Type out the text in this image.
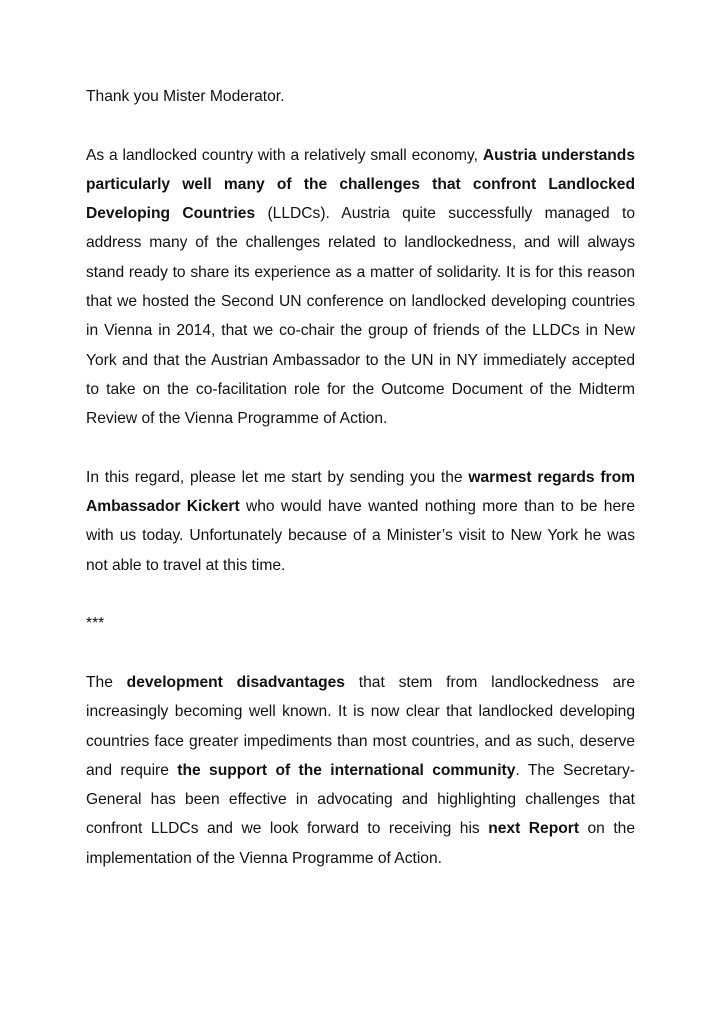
Thank you Mister Moderator.

As a landlocked country with a relatively small economy, Austria understands particularly well many of the challenges that confront Landlocked Developing Countries (LLDCs). Austria quite successfully managed to address many of the challenges related to landlockedness, and will always stand ready to share its experience as a matter of solidarity. It is for this reason that we hosted the Second UN conference on landlocked developing countries in Vienna in 2014, that we co-chair the group of friends of the LLDCs in New York and that the Austrian Ambassador to the UN in NY immediately accepted to take on the co-facilitation role for the Outcome Document of the Midterm Review of the Vienna Programme of Action.

In this regard, please let me start by sending you the warmest regards from Ambassador Kickert who would have wanted nothing more than to be here with us today. Unfortunately because of a Minister’s visit to New York he was not able to travel at this time.

***

The development disadvantages that stem from landlockedness are increasingly becoming well known. It is now clear that landlocked developing countries face greater impediments than most countries, and as such, deserve and require the support of the international community. The Secretary-General has been effective in advocating and highlighting challenges that confront LLDCs and we look forward to receiving his next Report on the implementation of the Vienna Programme of Action.
